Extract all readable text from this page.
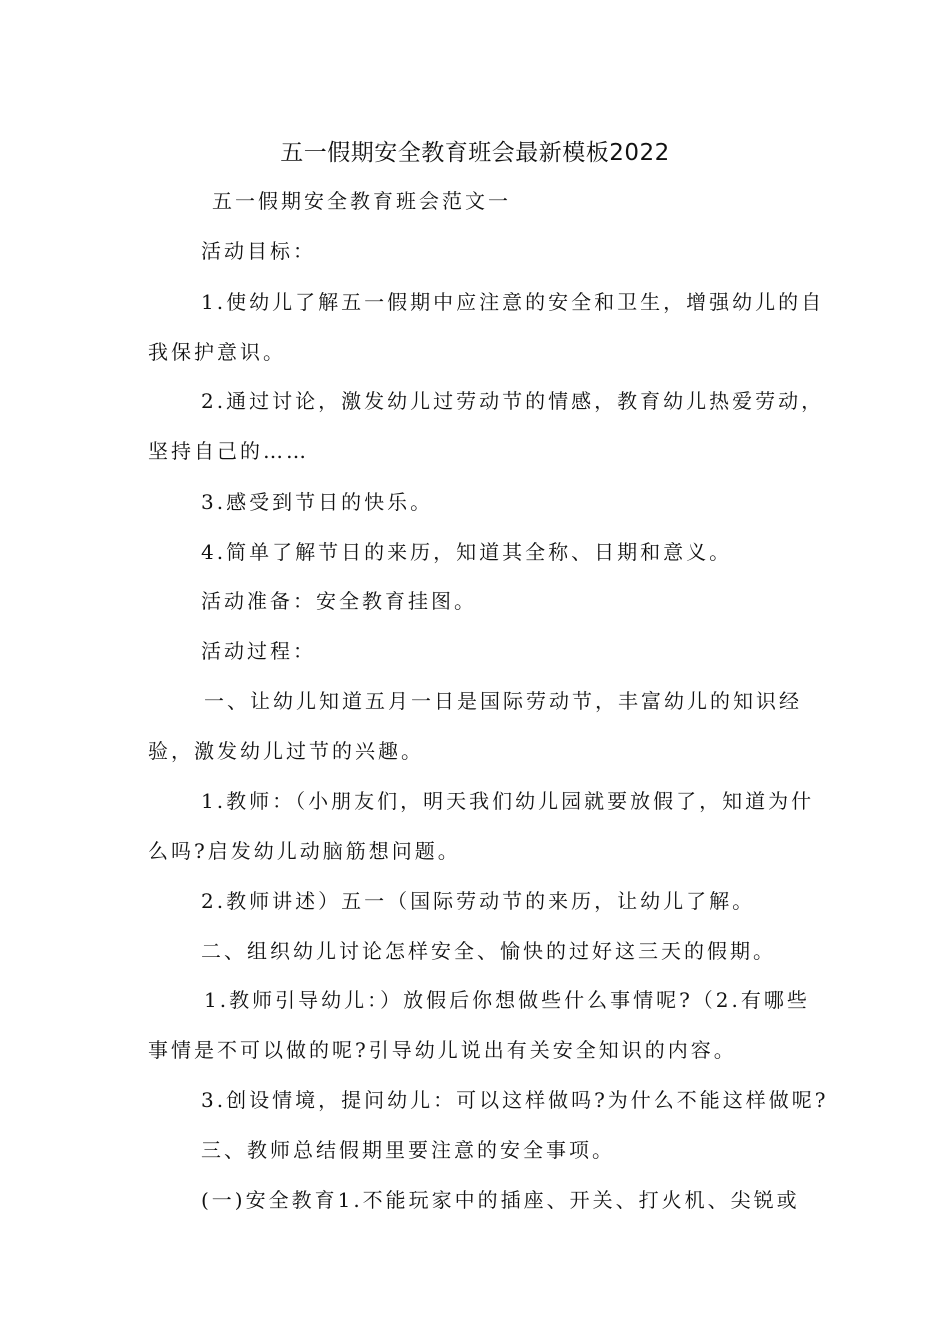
五一假期安全教育班会最新模板2022
五一假期安全教育班会范文一
活动目标：
1.使幼儿了解五一假期中应注意的安全和卫生，增强幼儿的自
我保护意识。
2.通过讨论，激发幼儿过劳动节的情感，教育幼儿热爱劳动，
坚持自己的……
3.感受到节日的快乐。
4.简单了解节日的来历，知道其全称、日期和意义。
活动准备：安全教育挂图。
活动过程：
一、让幼儿知道五月一日是国际劳动节，丰富幼儿的知识经
验，激发幼儿过节的兴趣。
1.教师：（小朋友们，明天我们幼儿园就要放假了，知道为什
么吗?启发幼儿动脑筋想问题。
2.教师讲述）五一（国际劳动节的来历，让幼儿了解。
二、组织幼儿讨论怎样安全、愉快的过好这三天的假期。
1.教师引导幼儿：）放假后你想做些什么事情呢?（2.有哪些
事情是不可以做的呢?引导幼儿说出有关安全知识的内容。
3.创设情境，提问幼儿：可以这样做吗?为什么不能这样做呢?
三、教师总结假期里要注意的安全事项。
(一)安全教育1.不能玩家中的插座、开关、打火机、尖锐或
